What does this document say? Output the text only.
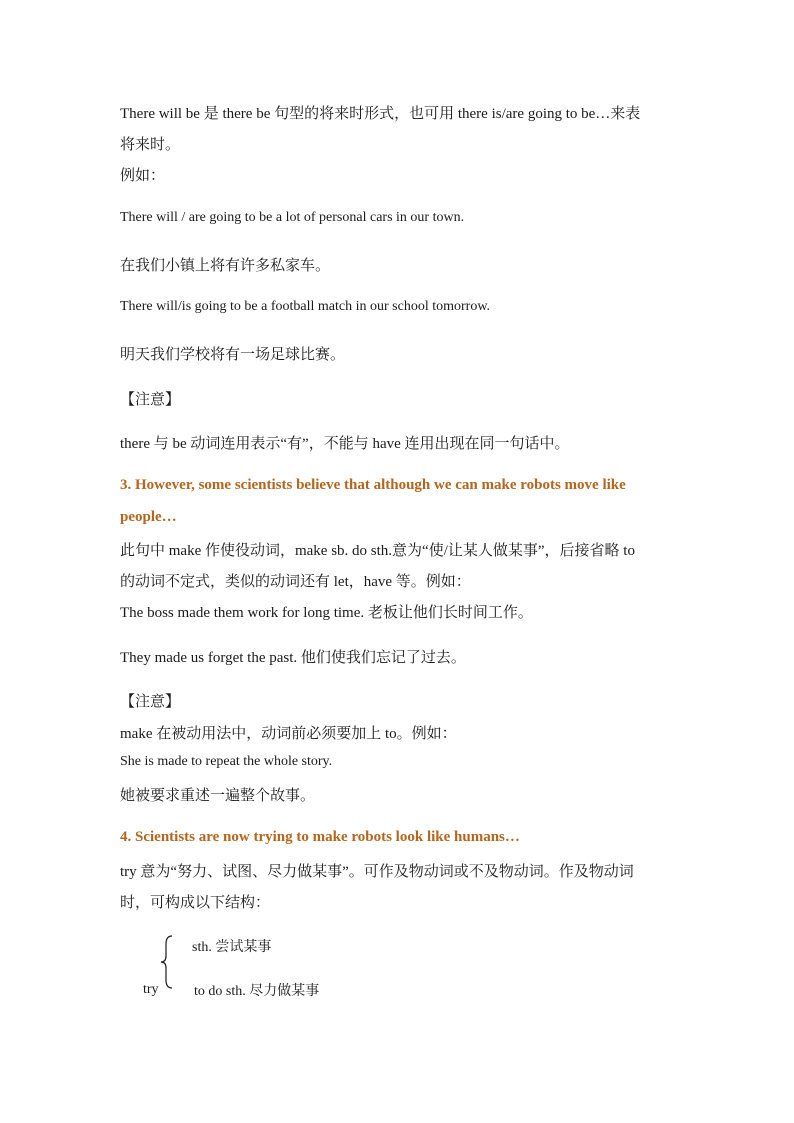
There will be 是 there be 句型的将来时形式，也可用 there is/are going to be…来表
将来时。
例如：
There will / are going to be a lot of personal cars in our town.
在我们小镇上将有许多私家车。
There will/is going to be a football match in our school tomorrow.
明天我们学校将有一场足球比赛。
【注意】
there 与 be 动词连用表示“有”，不能与 have 连用出现在同一句话中。
3. However, some scientists believe that although we can make robots move like
people…
此句中 make 作使役动词，make sb. do sth.意为“使/让某人做某事”，后接省略 to
的动词不定式，类似的动词还有 let，have 等。例如：
The boss made them work for long time. 老板让他们长时间工作。
They made us forget the past. 他们使我们忘记了过去。
【注意】
make 在被动用法中，动词前必须要加上 to。例如：
She is made to repeat the whole story.
她被要求重述一遍整个故事。
4. Scientists are now trying to make robots look like humans…
try 意为“努力、试图、尽力做某事”。可作及物动词或不及物动词。作及物动词
时，可构成以下结构：
sth. 尝试某事
try	to do sth. 尽力做某事
